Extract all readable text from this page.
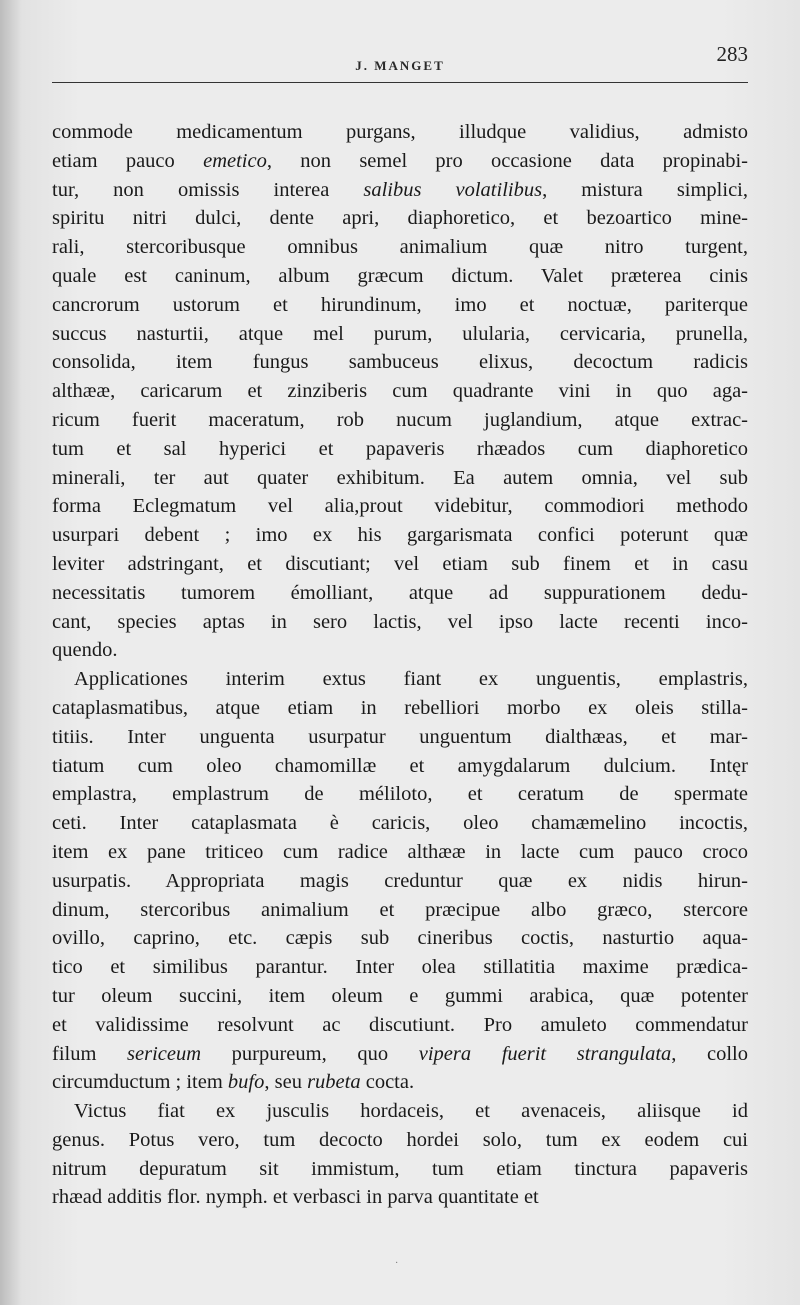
J. MANGET	283
commode medicamentum purgans, illudque validius, admisto
etiam pauco emetico, non semel pro occasione data propinabi-
tur, non omissis interea salibus volatilibus, mistura simplici,
spiritu nitri dulci, dente apri, diaphoretico, et bezoartico mine-
rali, stercoribusque omnibus animalium quæ nitro turgent,
quale est caninum, album græcum dictum. Valet præterea cinis
cancrorum ustorum et hirundinum, imo et noctuæ, pariterque
succus nasturtii, atque mel purum, ulularia, cervicaria, prunella,
consolida, item fungus sambuceus elixus, decoctum radicis
althææ, caricarum et zinziberis cum quadrante vini in quo aga-
ricum fuerit maceratum, rob nucum juglandium, atque extrac-
tum et sal hyperici et papaveris rhæados cum diaphoretico
minerali, ter aut quater exhibitum. Ea autem omnia, vel sub
forma Eclegmatum vel alia,prout videbitur, commodiori methodo
usurpari debent ; imo ex his gargarismata confici poterunt quæ
leviter adstringant, et discutiant; vel etiam sub finem et in casu
necessitatis tumorem émolliant, atque ad suppurationem dedu-
cant, species aptas in sero lactis, vel ipso lacte recenti inco-
quendo.
Applicationes interim extus fiant ex unguentis, emplastris,
cataplasmatibus, atque etiam in rebelliori morbo ex oleis stilla-
titiis. Inter unguenta usurpatur unguentum dialthæas, et mar-
tiatum cum oleo chamomillæ et amygdalarum dulcium. Intęr
emplastra, emplastrum de méliloto, et ceratum de spermate
ceti. Inter cataplasmata è caricis, oleo chamæmelino incoctis,
item ex pane triticeo cum radice althææ in lacte cum pauco croco
usurpatis. Appropriata magis creduntur quæ ex nidis hirun-
dinum, stercoribus animalium et præcipue albo græco, stercore
ovillo, caprino, etc. cæpis sub cineribus coctis, nasturtio aqua-
tico et similibus parantur. Inter olea stillatitia maxime prædica-
tur oleum succini, item oleum e gummi arabica, quæ potenter
et validissime resolvunt ac discutiunt. Pro amuleto commendatur
filum sericeum purpureum, quo vipera fuerit strangulata, collo
circumductum ; item bufo, seu rubeta cocta.
Victus fiat ex jusculis hordaceis, et avenaceis, aliisque id
genus. Potus vero, tum decocto hordei solo, tum ex eodem cui
nitrum depuratum sit immistum, tum etiam tinctura papaveris
rhæad additis flor. nymph. et verbasci in parva quantitate et
·
